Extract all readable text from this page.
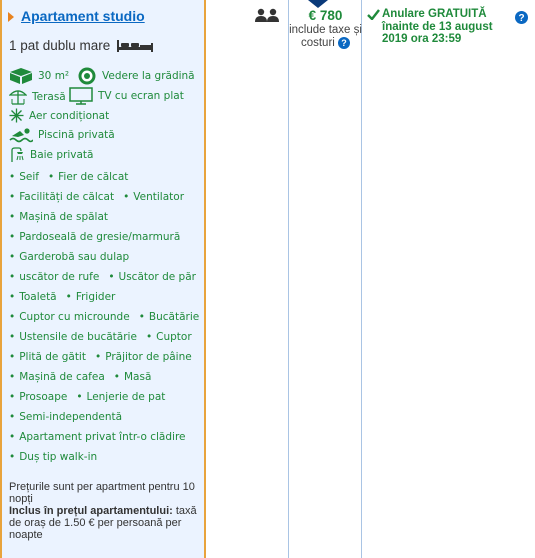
Apartament studio
1 pat dublu mare
30 m²	Vedere la grădină
Terasă	TV cu ecran plat
Aer condiționat
Piscină privată
Baie privată
• Seif • Fier de călcat
• Facilități de călcat • Ventilator
• Mașină de spălat
• Pardoseală de gresie/marmură
• Garderobă sau dulap
• uscător de rufe • Uscător de păr
• Toaletă • Frigider
• Cuptor cu microunde • Bucătărie
• Ustensile de bucătărie • Cuptor
• Plită de gătit • Prăjitor de pâine
• Mașină de cafea • Masă
• Prosoape • Lenjerie de pat
• Semi-independentă
• Apartament privat într-o clădire
• Duș tip walk-in
Prețurile sunt per apartment pentru 10 nopți
Inclus în prețul apartamentului: taxă de oraș de 1.50 € per persoană per noapte
€ 780
include taxe și costuri ?
Anulare GRATUITĂ înainte de 13 august 2019 ora 23:59
?
